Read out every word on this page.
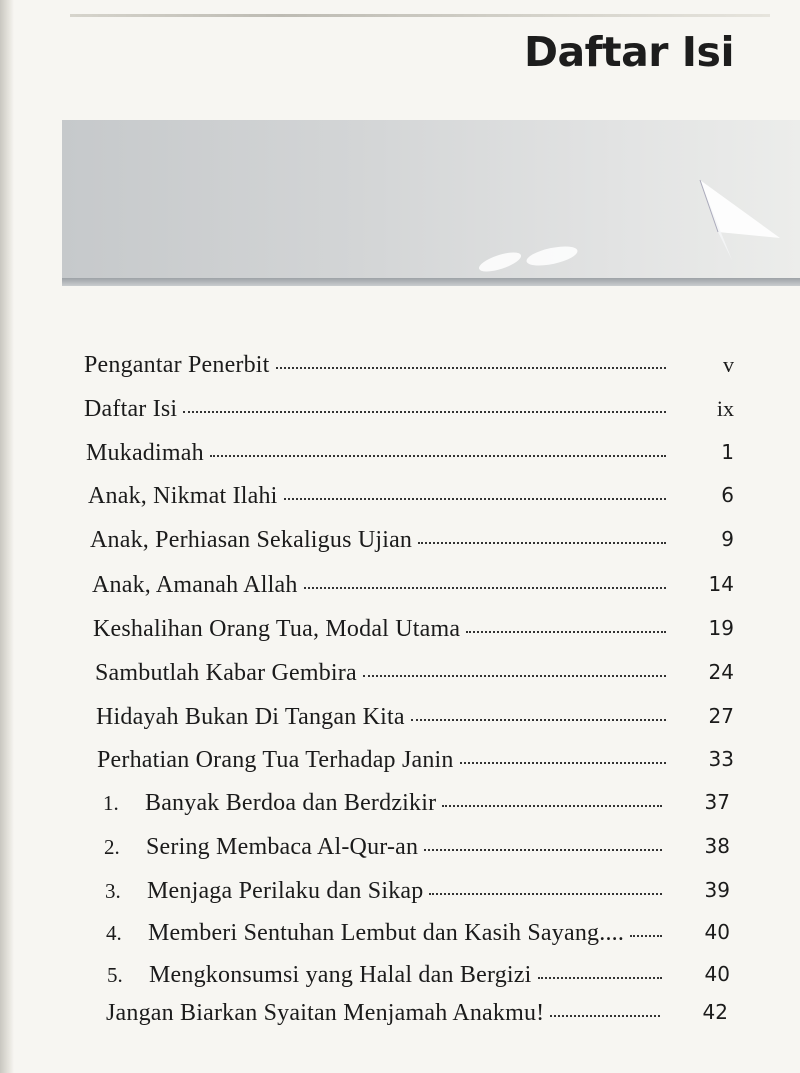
Daftar Isi
Pengantar Penerbit	v
Daftar Isi	ix
Mukadimah	1
Anak, Nikmat Ilahi	6
Anak, Perhiasan Sekaligus Ujian	9
Anak, Amanah Allah	14
Keshalihan Orang Tua, Modal Utama	19
Sambutlah Kabar Gembira	24
Hidayah Bukan Di Tangan Kita	27
Perhatian Orang Tua Terhadap Janin	33
1.	Banyak Berdoa dan Berdzikir	37
2.	Sering Membaca Al-Qur-an	38
3.	Menjaga Perilaku dan Sikap	39
4.	Memberi Sentuhan Lembut dan Kasih Sayang....	40
5.	Mengkonsumsi yang Halal dan Bergizi	40
Jangan Biarkan Syaitan Menjamah Anakmu!	42
